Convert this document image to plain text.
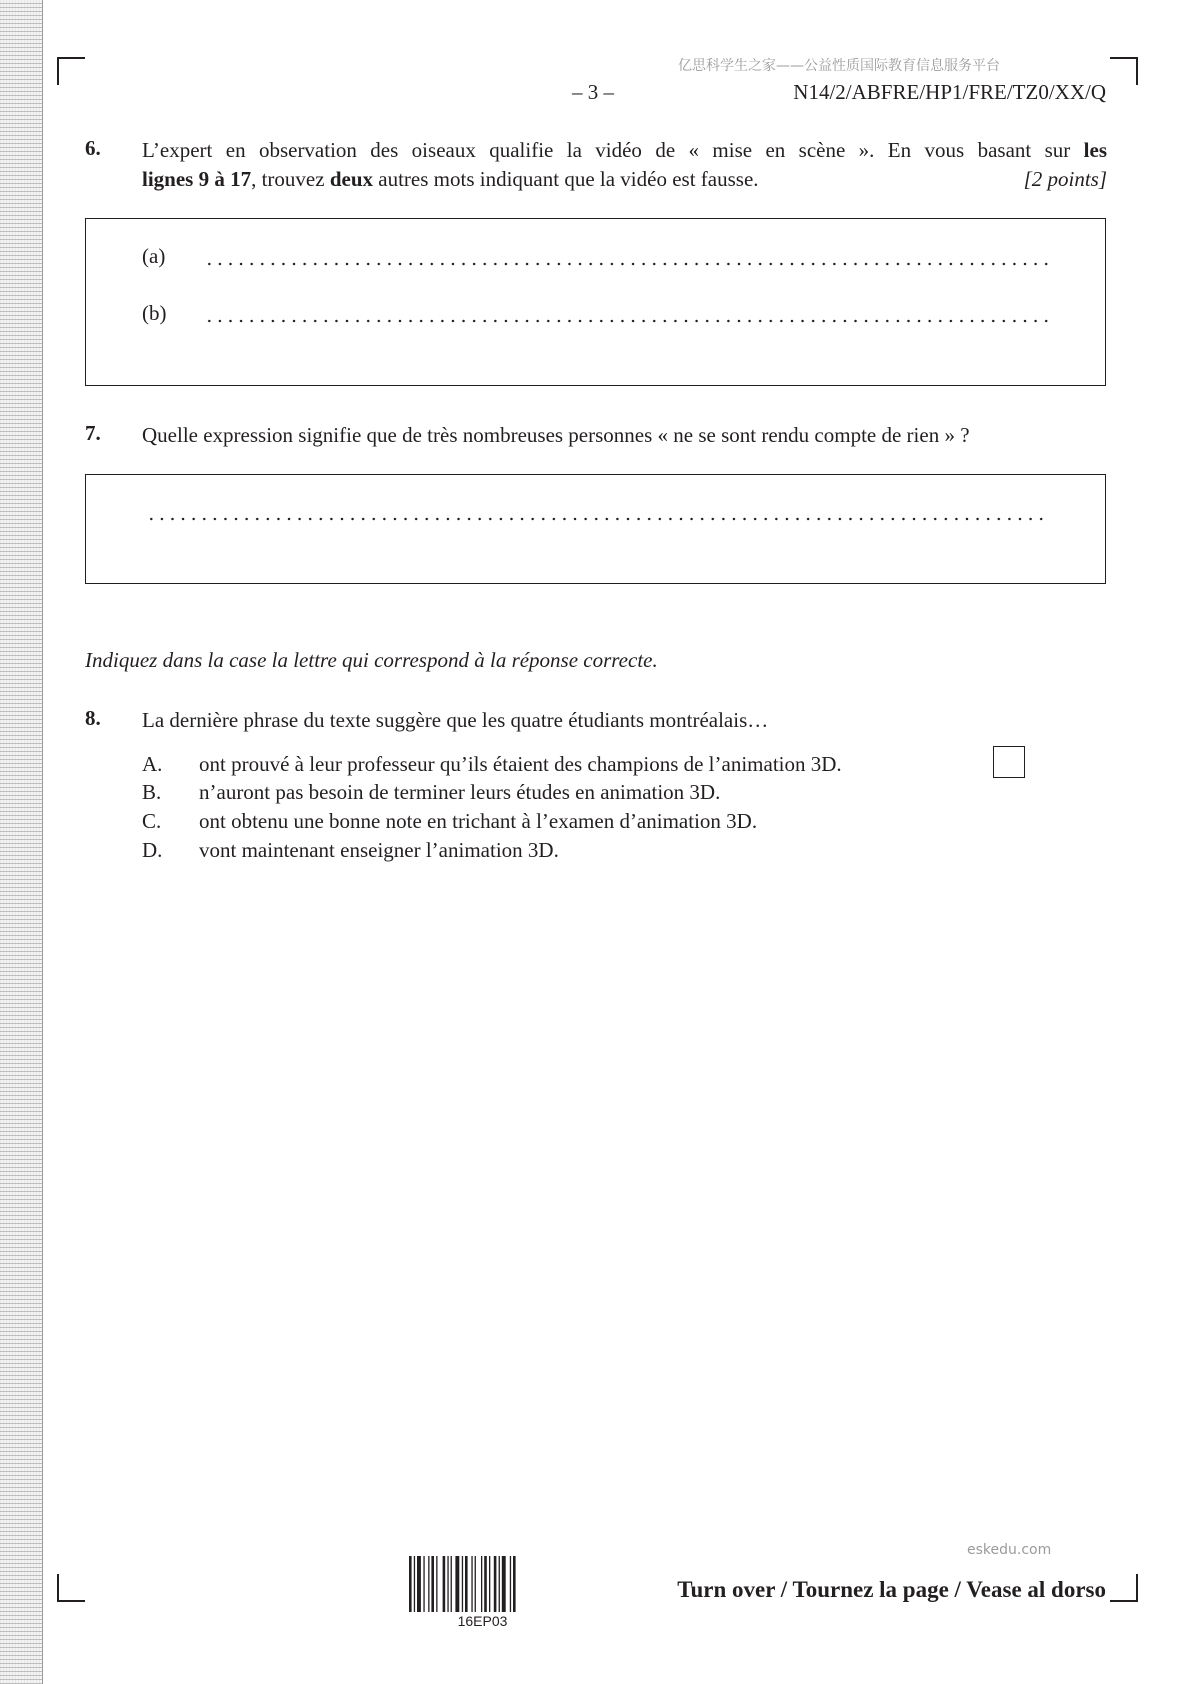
亿思科学生之家——公益性质国际教育信息服务平台
– 3 –	N14/2/ABFRE/HP1/FRE/TZ0/XX/Q
6. L’expert en observation des oiseaux qualifie la vidéo de « mise en scène ». En vous basant sur les
lignes 9 à 17, trouvez deux autres mots indiquant que la vidéo est fausse.	[2 points]
(a)
(b)
7. Quelle expression signifie que de très nombreuses personnes « ne se sont rendu compte de rien » ?
Indiquez dans la case la lettre qui correspond à la réponse correcte.
8. La dernière phrase du texte suggère que les quatre étudiants montréalais…
A. ont prouvé à leur professeur qu’ils étaient des champions de l’animation 3D.
B. n’auront pas besoin de terminer leurs études en animation 3D.
C. ont obtenu une bonne note en trichant à l’examen d’animation 3D.
D. vont maintenant enseigner l’animation 3D.
16EP03
eskedu.com
Turn over / Tournez la page / Vease al dorso
